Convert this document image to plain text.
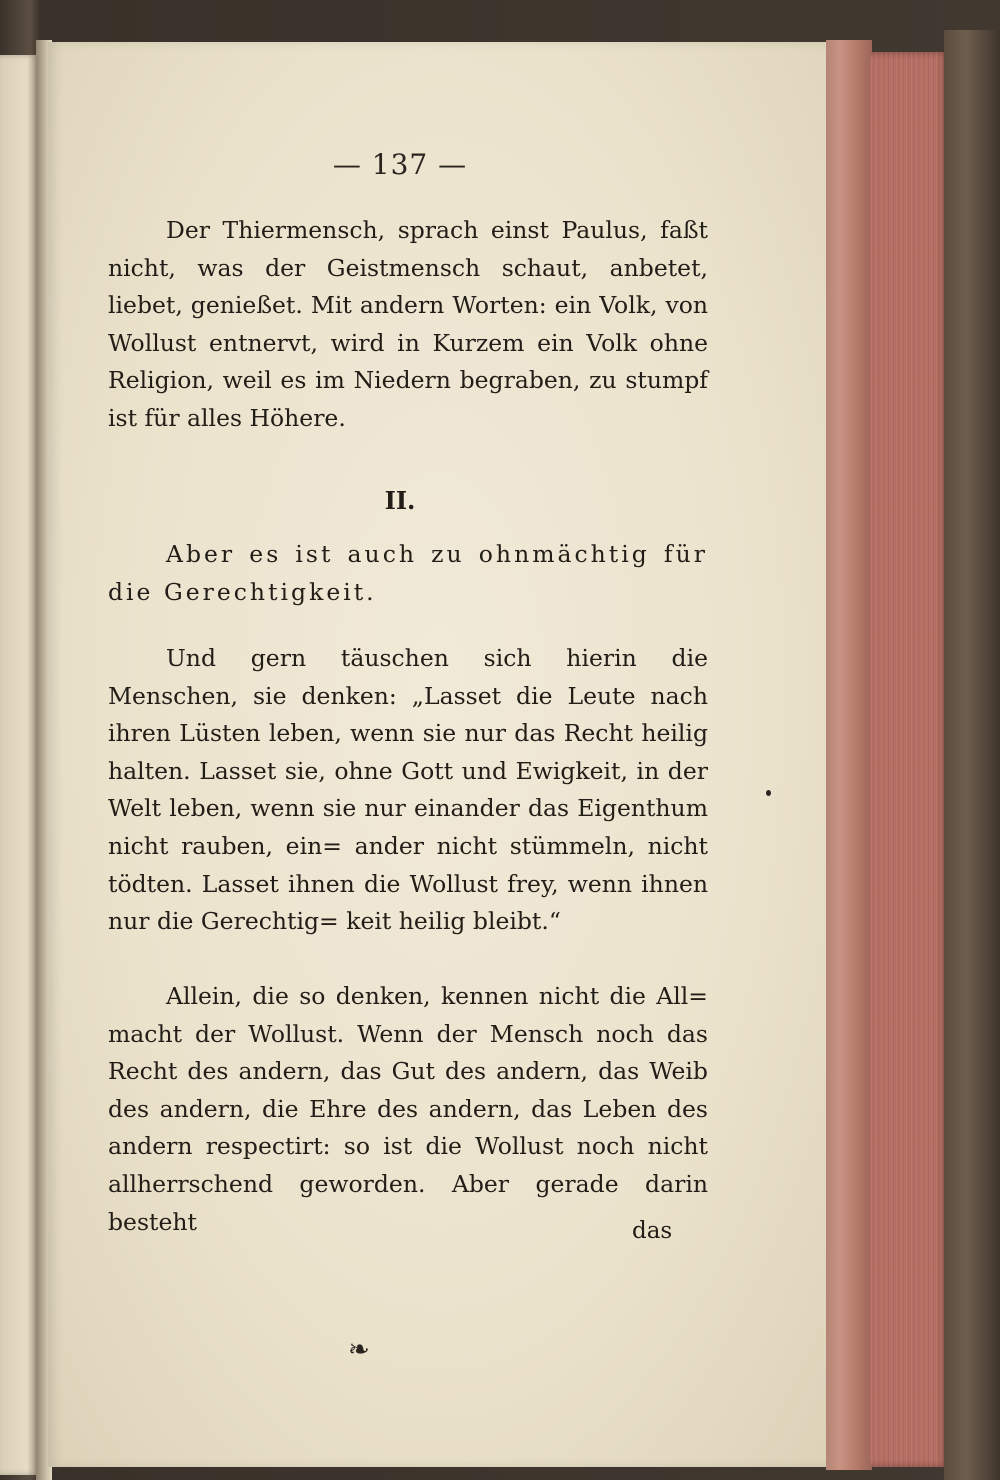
— 137 —

Der Thiermensch, sprach einst Paulus, faßt nicht, was der Geistmensch schaut, anbetet, liebet, genießet. Mit andern Worten: ein Volk, von Wollust entnervt, wird in Kurzem ein Volk ohne Religion, weil es im Niedern begraben, zu stumpf ist für alles Höhere.

II.

Aber es ist auch zu ohnmächtig für die Gerechtigkeit.

Und gern täuschen sich hierin die Menschen, sie denken: „Lasset die Leute nach ihren Lüsten leben, wenn sie nur das Recht heilig halten. Lasset sie, ohne Gott und Ewigkeit, in der Welt leben, wenn sie nur einander das Eigenthum nicht rauben, ein= ander nicht stümmeln, nicht tödten. Lasset ihnen die Wollust frey, wenn ihnen nur die Gerechtig= keit heilig bleibt.“

Allein, die so denken, kennen nicht die All= macht der Wollust. Wenn der Mensch noch das Recht des andern, das Gut des andern, das Weib des andern, die Ehre des andern, das Leben des andern respectirt: so ist die Wollust noch nicht allherrschend geworden. Aber gerade darin besteht	das
❧
